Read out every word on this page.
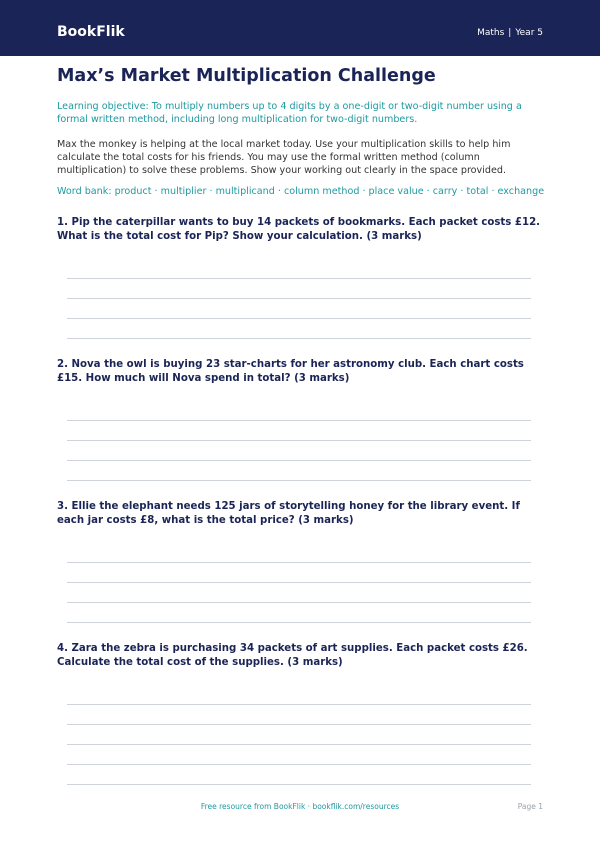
BookFlik	Maths | Year 5
Max’s Market Multiplication Challenge
Learning objective: To multiply numbers up to 4 digits by a one-digit or two-digit number using a formal written method, including long multiplication for two-digit numbers.
Max the monkey is helping at the local market today. Use your multiplication skills to help him calculate the total costs for his friends. You may use the formal written method (column multiplication) to solve these problems. Show your working out clearly in the space provided.
Word bank: product · multiplier · multiplicand · column method · place value · carry · total · exchange
1. Pip the caterpillar wants to buy 14 packets of bookmarks. Each packet costs £12. What is the total cost for Pip? Show your calculation. (3 marks)
2. Nova the owl is buying 23 star-charts for her astronomy club. Each chart costs £15. How much will Nova spend in total? (3 marks)
3. Ellie the elephant needs 125 jars of storytelling honey for the library event. If each jar costs £8, what is the total price? (3 marks)
4. Zara the zebra is purchasing 34 packets of art supplies. Each packet costs £26. Calculate the total cost of the supplies. (3 marks)
Free resource from BookFlik · bookflik.com/resources	Page 1
